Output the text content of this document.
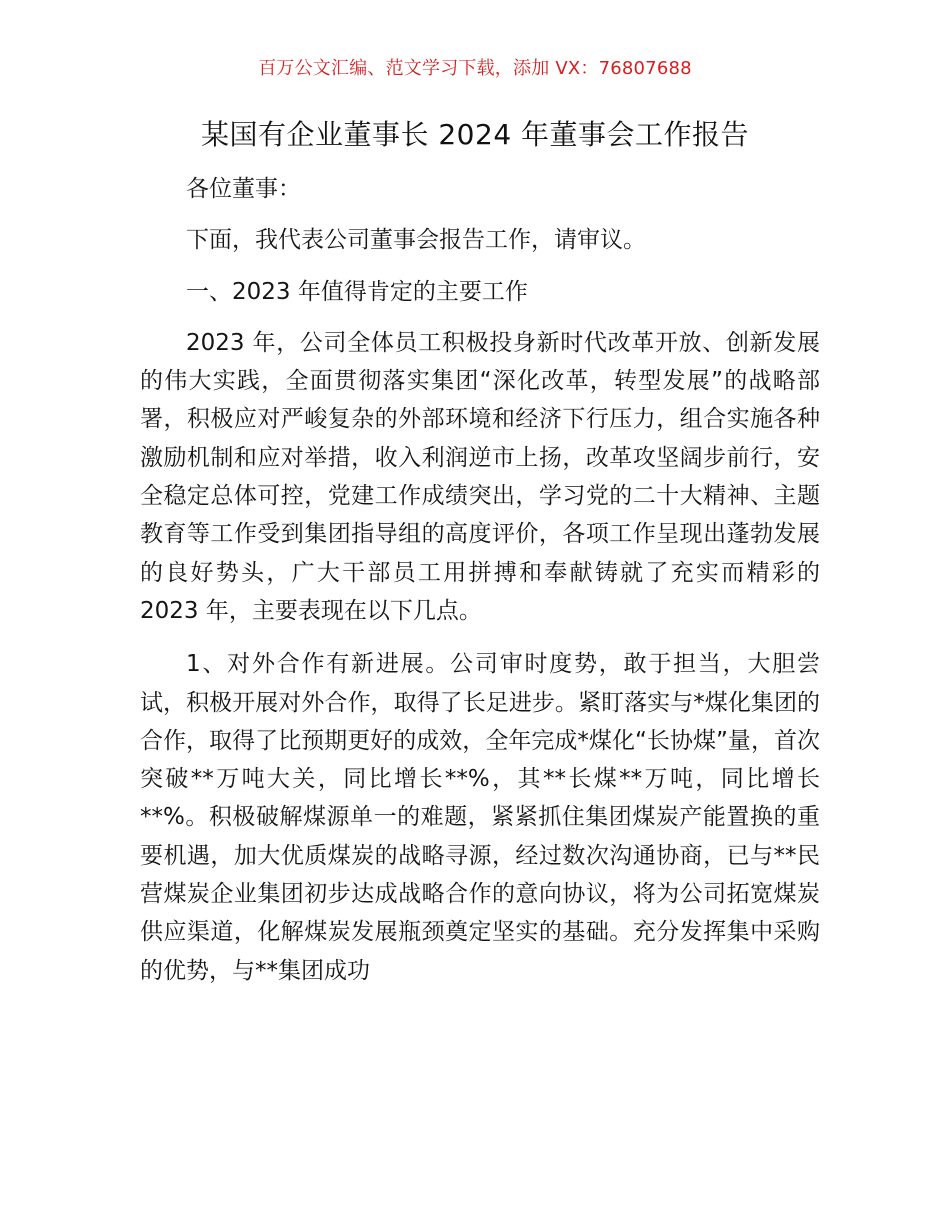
百万公文汇编、范文学习下载，添加 VX：76807688
某国有企业董事长 2024 年董事会工作报告

各位董事：

下面，我代表公司董事会报告工作，请审议。

一、2023 年值得肯定的主要工作

2023 年，公司全体员工积极投身新时代改革开放、创新发展的伟大实践，全面贯彻落实集团“深化改革，转型发展”的战略部署，积极应对严峻复杂的外部环境和经济下行压力，组合实施各种激励机制和应对举措，收入利润逆市上扬，改革攻坚阔步前行，安全稳定总体可控，党建工作成绩突出，学习党的二十大精神、主题教育等工作受到集团指导组的高度评价，各项工作呈现出蓬勃发展的良好势头，广大干部员工用拼搏和奉献铸就了充实而精彩的 2023 年，主要表现在以下几点。

1、对外合作有新进展。公司审时度势，敢于担当，大胆尝试，积极开展对外合作，取得了长足进步。紧盯落实与*煤化集团的合作，取得了比预期更好的成效，全年完成*煤化“长协煤”量，首次突破**万吨大关，同比增长**%，其**长煤**万吨，同比增长**%。积极破解煤源单一的难题，紧紧抓住集团煤炭产能置换的重要机遇，加大优质煤炭的战略寻源，经过数次沟通协商，已与**民营煤炭企业集团初步达成战略合作的意向协议，将为公司拓宽煤炭供应渠道，化解煤炭发展瓶颈奠定坚实的基础。充分发挥集中采购的优势，与**集团成功
